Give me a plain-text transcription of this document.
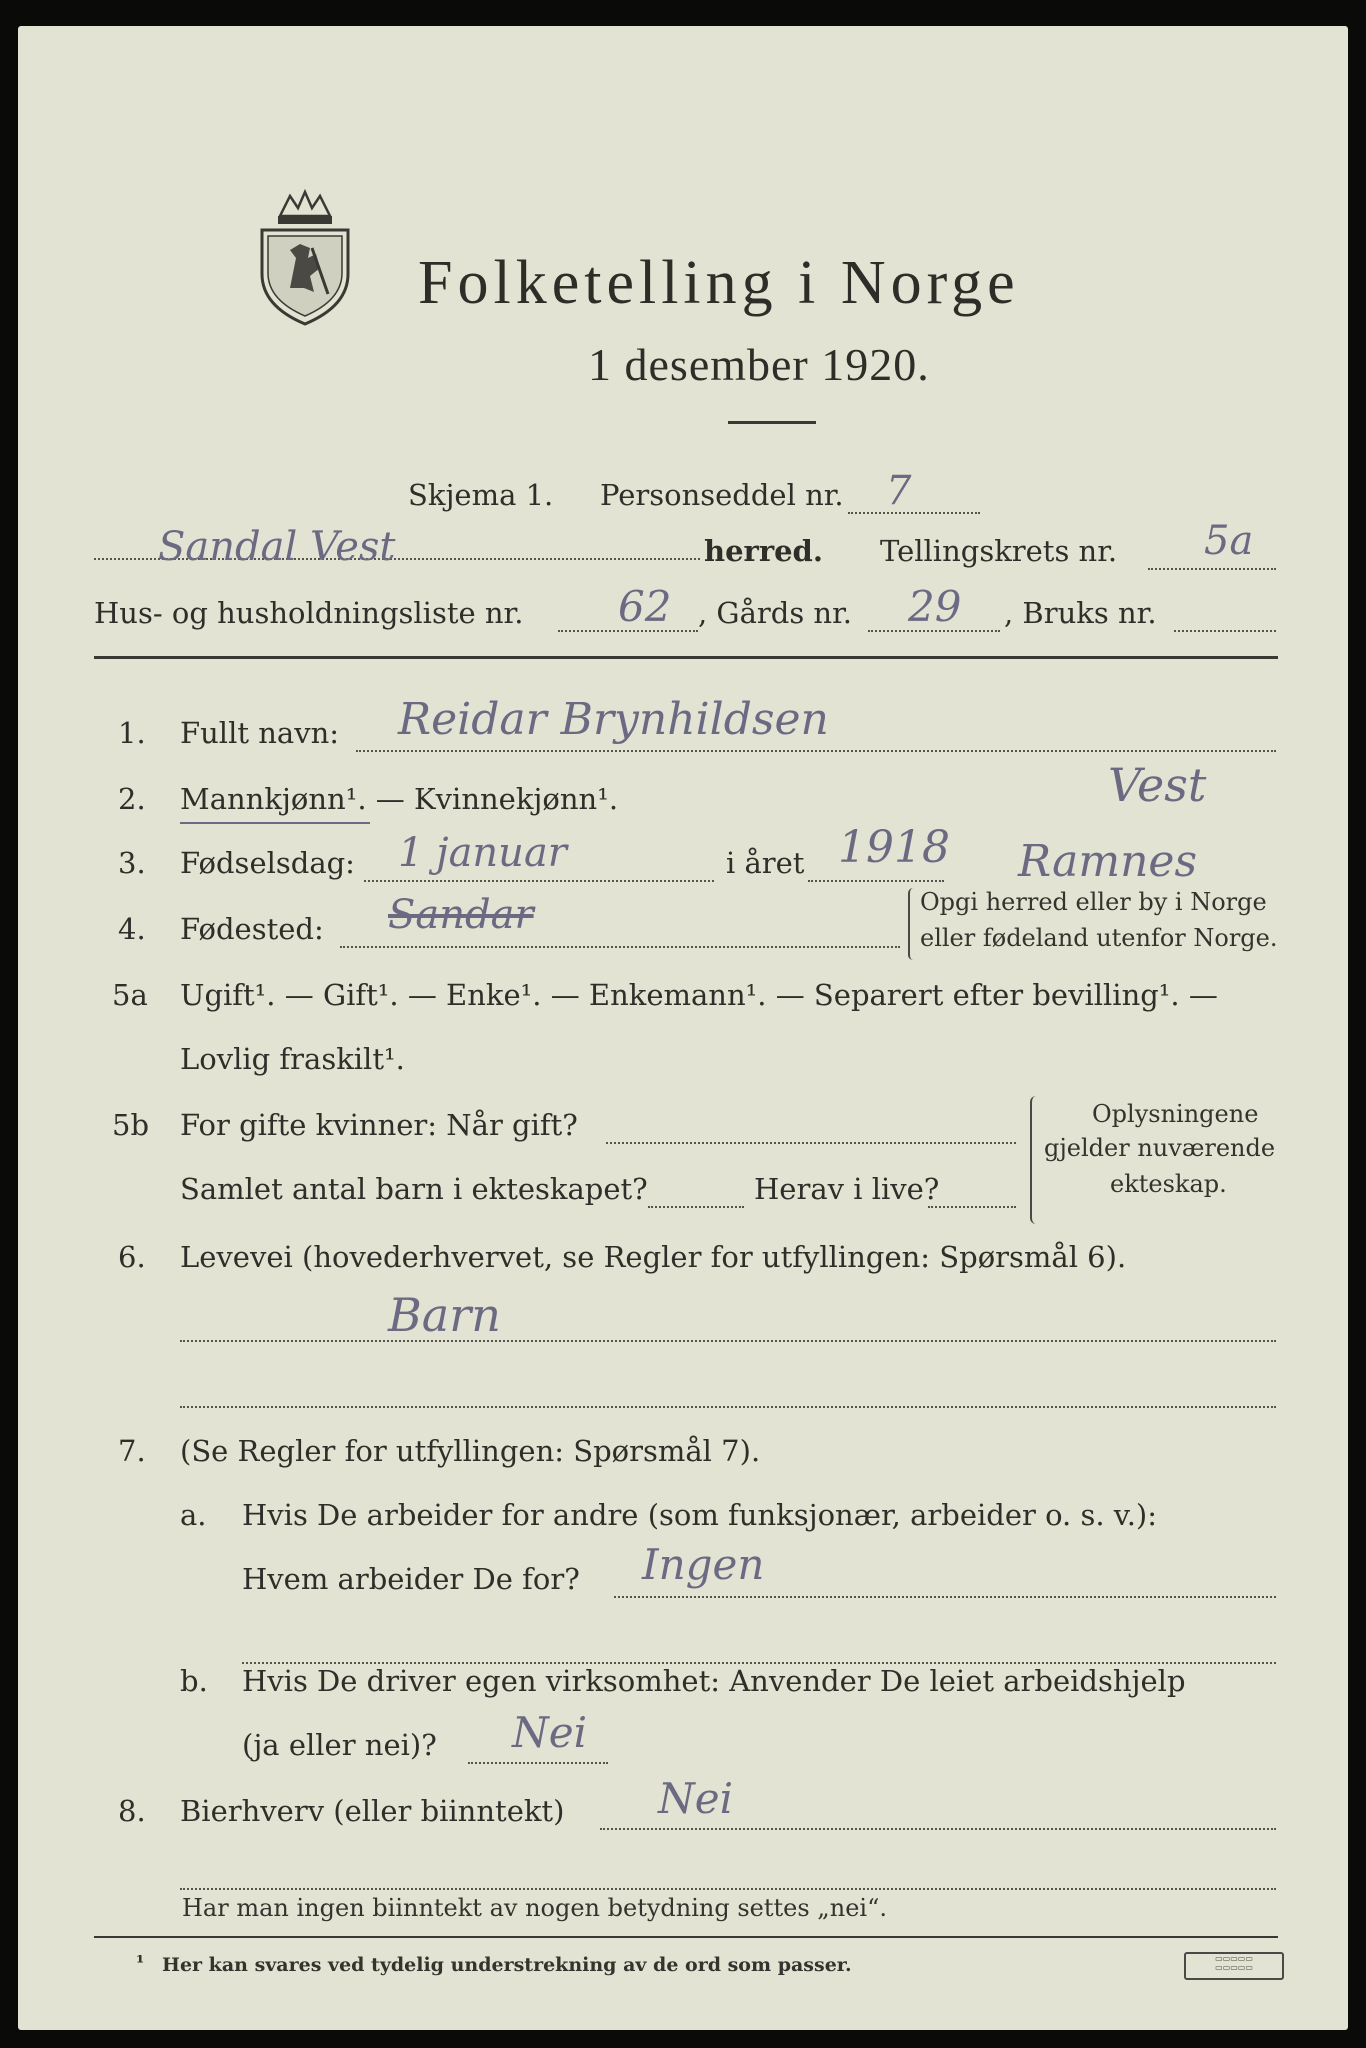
Folketelling i Norge
1 desember 1920.
Skjema 1. Personseddel nr. 7
Sandal Vest	herred. Tellingskrets nr. 5a
Hus- og husholdningsliste nr. 62 , Gårds nr. 29 , Bruks nr.
1. Fullt navn: Reidar Brynhildsen
2. Mannkjønn¹. — Kvinnekjønn¹.
3. Fødselsdag: 1 januar	i året 1918
Vest
Ramnes
4. Fødested: Sandar	Opgi herred eller by i Norge
eller fødeland utenfor Norge.
5a Ugift¹. — Gift¹. — Enke¹. — Enkemann¹. — Separert efter bevilling¹. —
Lovlig fraskilt¹.
5b For gifte kvinner: Når gift?
Samlet antal barn i ekteskapet?	Herav i live?
Oplysningene
gjelder nuværende
ekteskap.
6. Levevei (hovederhvervet, se Regler for utfyllingen: Spørsmål 6).
Barn
7. (Se Regler for utfyllingen: Spørsmål 7).
a. Hvis De arbeider for andre (som funksjonær, arbeider o. s. v.):
Hvem arbeider De for? Ingen
b. Hvis De driver egen virksomhet: Anvender De leiet arbeidshjelp
(ja eller nei)? Nei
8. Bierhverv (eller biinntekt) Nei
Har man ingen biinntekt av nogen betydning settes „nei“.
¹ Her kan svares ved tydelig understrekning av de ord som passer.	▭▭▭▭▭
▭▭▭▭▭
